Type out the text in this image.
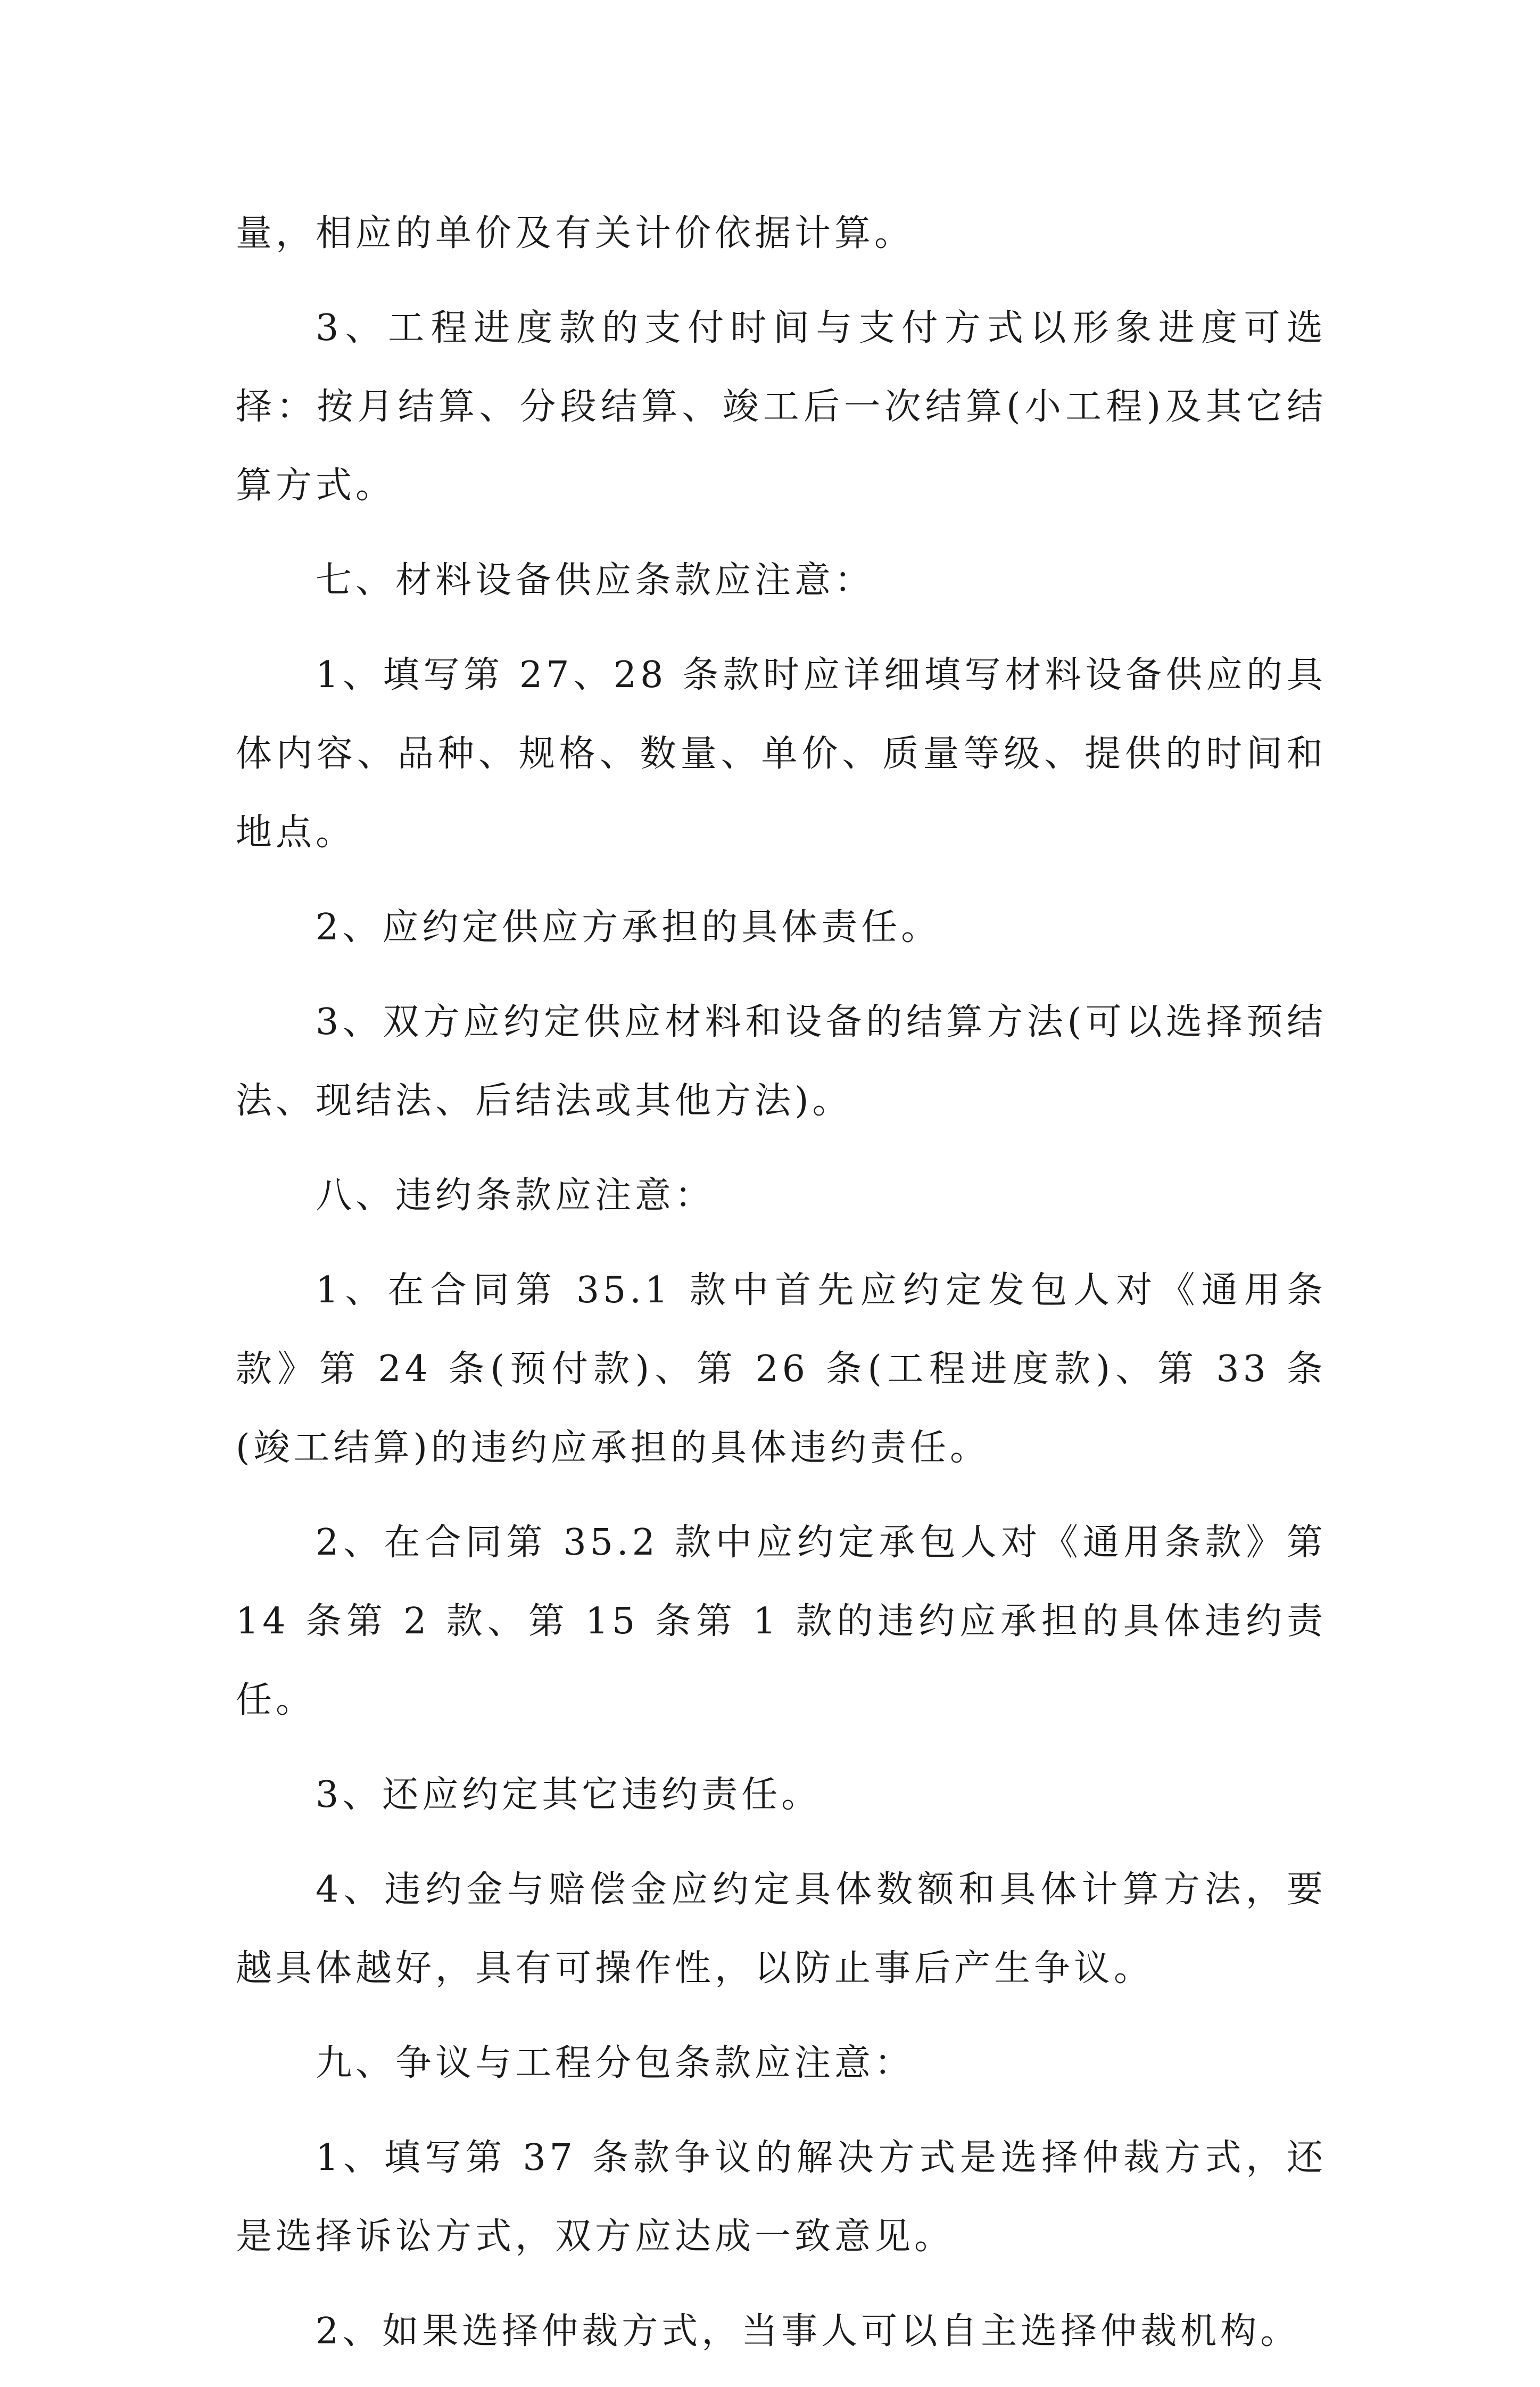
量，相应的单价及有关计价依据计算。

3、工程进度款的支付时间与支付方式以形象进度可选择：按月结算、分段结算、竣工后一次结算(小工程)及其它结算方式。

七、材料设备供应条款应注意：

1、填写第 27、28 条款时应详细填写材料设备供应的具体内容、品种、规格、数量、单价、质量等级、提供的时间和地点。

2、应约定供应方承担的具体责任。

3、双方应约定供应材料和设备的结算方法(可以选择预结法、现结法、后结法或其他方法)。

八、违约条款应注意：

1、在合同第 35.1 款中首先应约定发包人对《通用条款》第 24 条(预付款)、第 26 条(工程进度款)、第 33 条(竣工结算)的违约应承担的具体违约责任。

2、在合同第 35.2 款中应约定承包人对《通用条款》第 14 条第 2 款、第 15 条第 1 款的违约应承担的具体违约责任。

3、还应约定其它违约责任。

4、违约金与赔偿金应约定具体数额和具体计算方法，要越具体越好，具有可操作性，以防止事后产生争议。

九、争议与工程分包条款应注意：

1、填写第 37 条款争议的解决方式是选择仲裁方式，还是选择诉讼方式，双方应达成一致意见。

2、如果选择仲裁方式，当事人可以自主选择仲裁机构。
